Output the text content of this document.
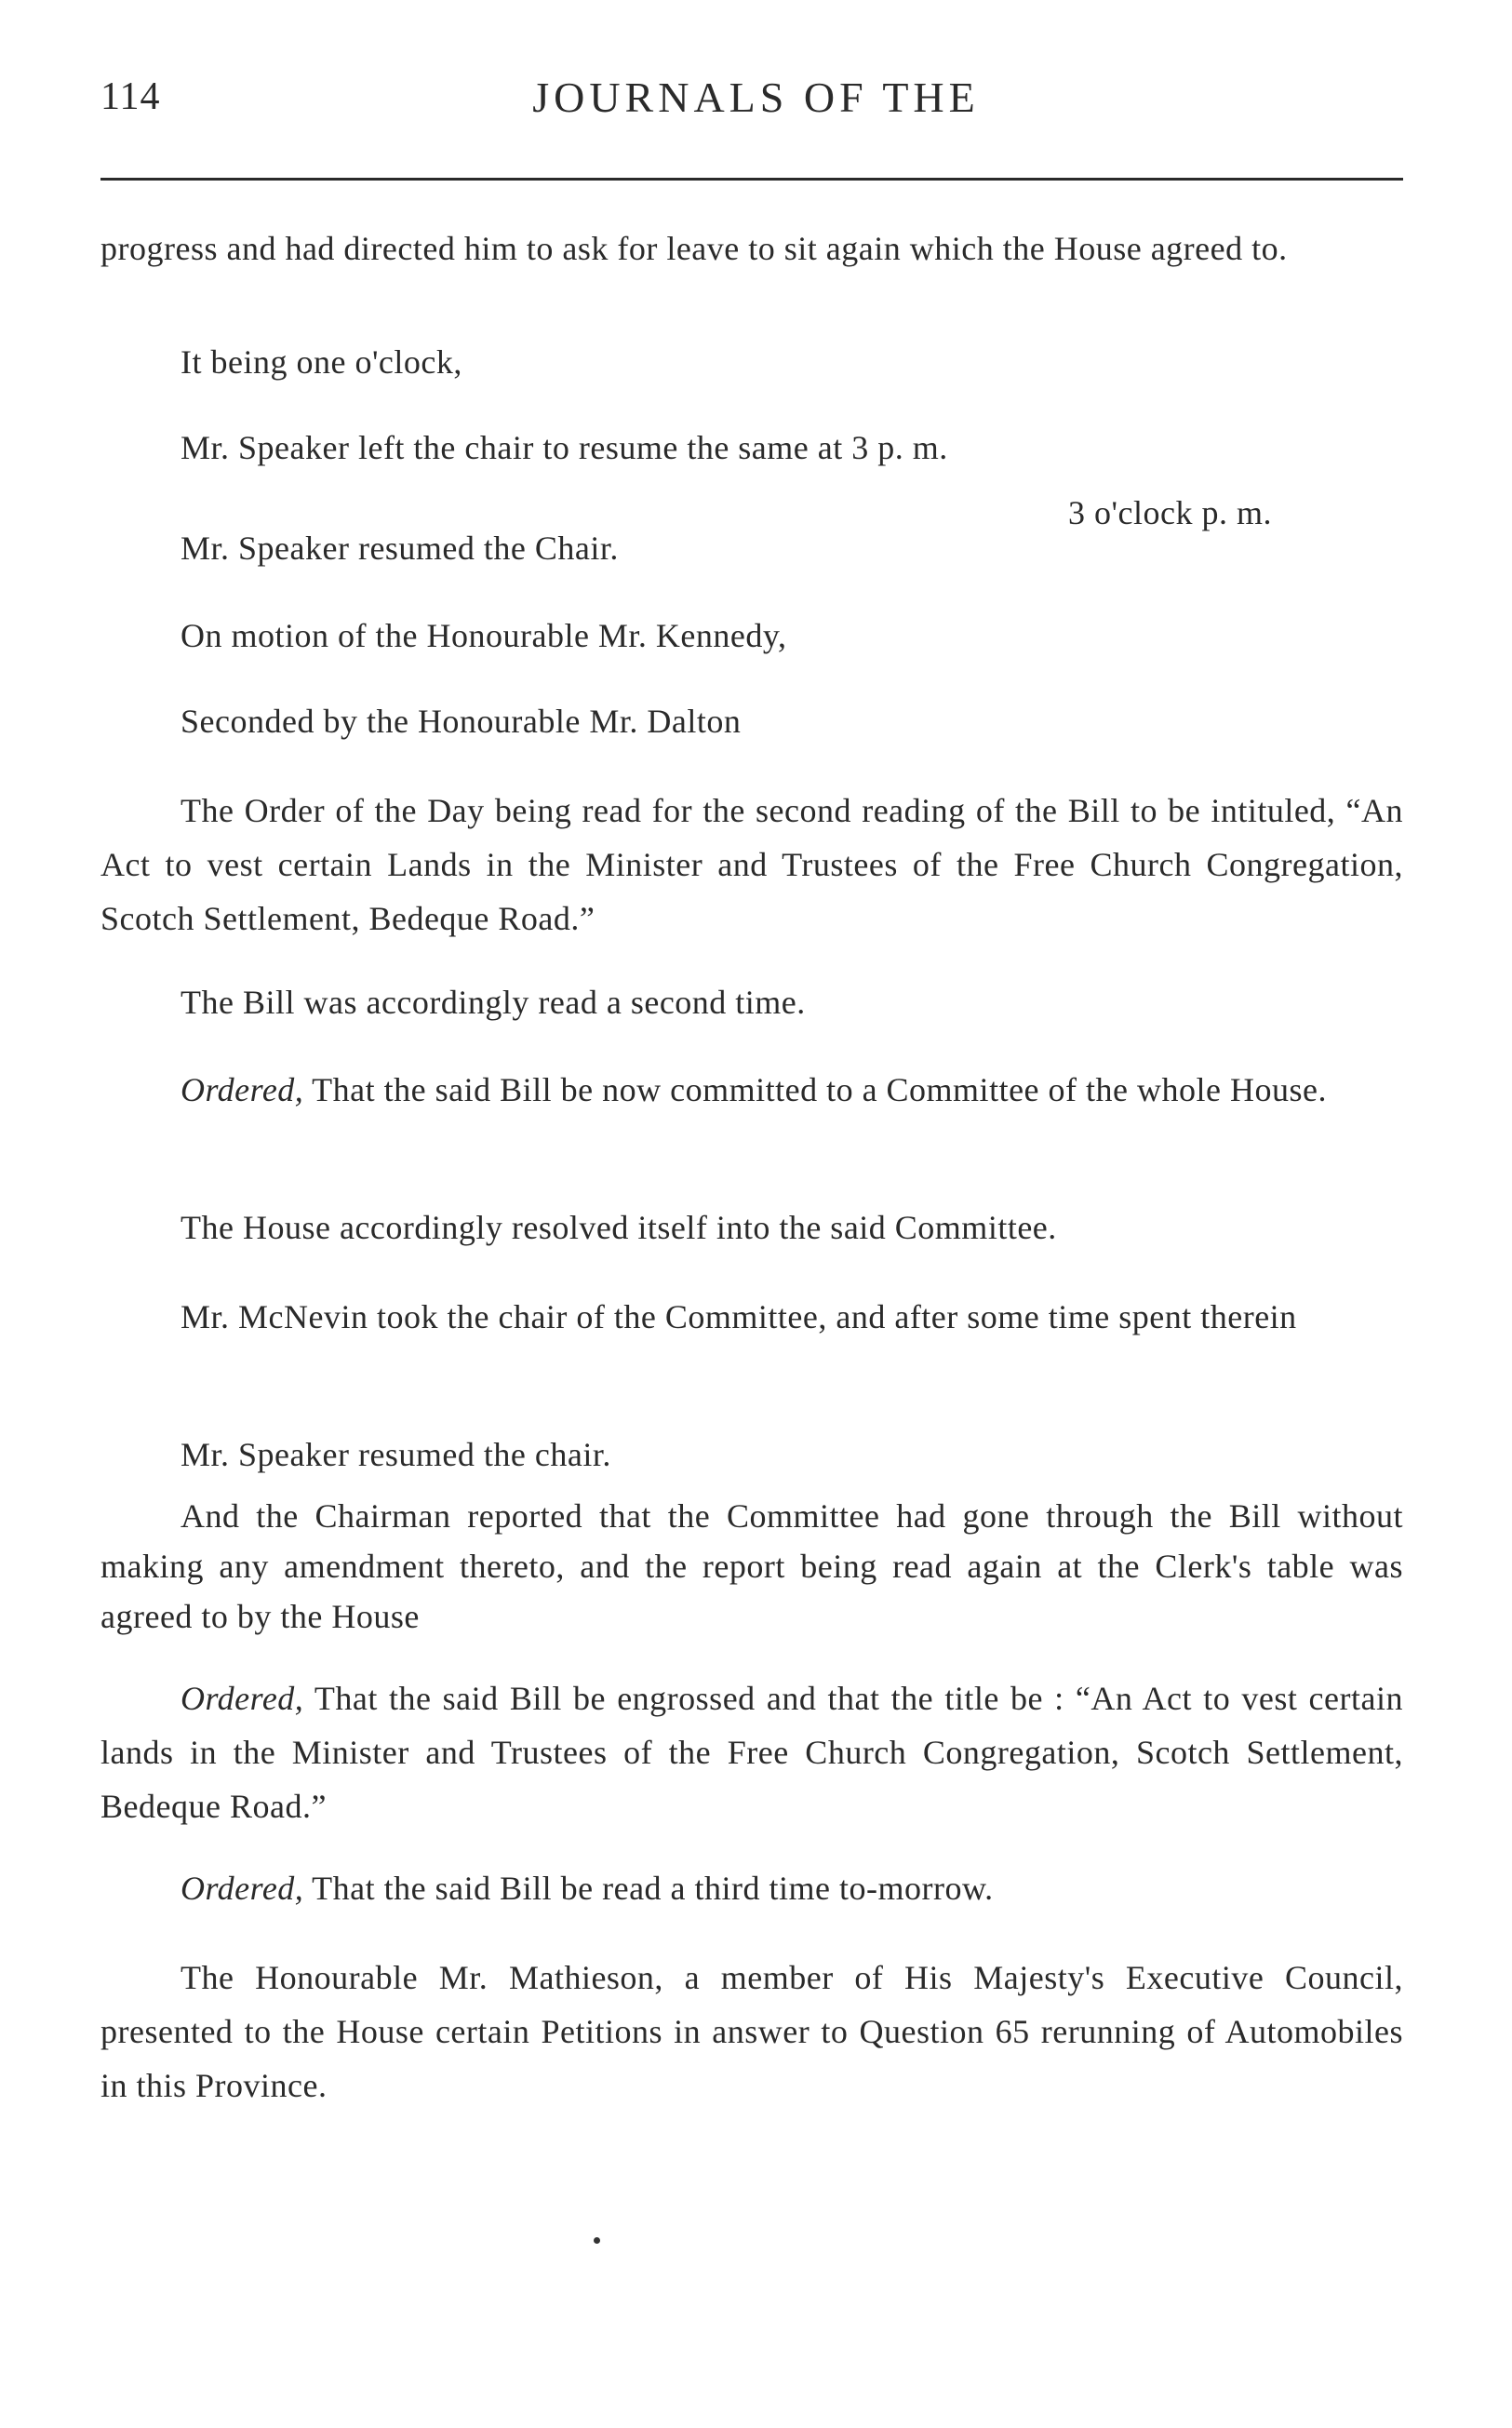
114	JOURNALS OF THE
progress and had directed him to ask for leave to sit again which the House agreed to.
It being one o'clock,
Mr. Speaker left the chair to resume the same at 3 p. m.
3 o'clock p. m.
Mr. Speaker resumed the Chair.
On motion of the Honourable Mr. Kennedy,
Seconded by the Honourable Mr. Dalton
The Order of the Day being read for the second reading of the Bill to be intituled, “An Act to vest certain Lands in the Minister and Trustees of the Free Church Congregation, Scotch Settlement, Bedeque Road.”
The Bill was accordingly read a second time.
Ordered, That the said Bill be now committed to a Committee of the whole House.
The House accordingly resolved itself into the said Committee.
Mr. McNevin took the chair of the Committee, and after some time spent therein
Mr. Speaker resumed the chair.
And the Chairman reported that the Committee had gone through the Bill without making any amendment thereto, and the report being read again at the Clerk's table was agreed to by the House
Ordered, That the said Bill be engrossed and that the title be : “An Act to vest certain lands in the Minister and Trustees of the Free Church Congregation, Scotch Settlement, Bedeque Road.”
Ordered, That the said Bill be read a third time to-morrow.
The Honourable Mr. Mathieson, a member of His Majesty's Executive Council, presented to the House certain Petitions in answer to Question 65 rerunning of Automobiles in this Province.
